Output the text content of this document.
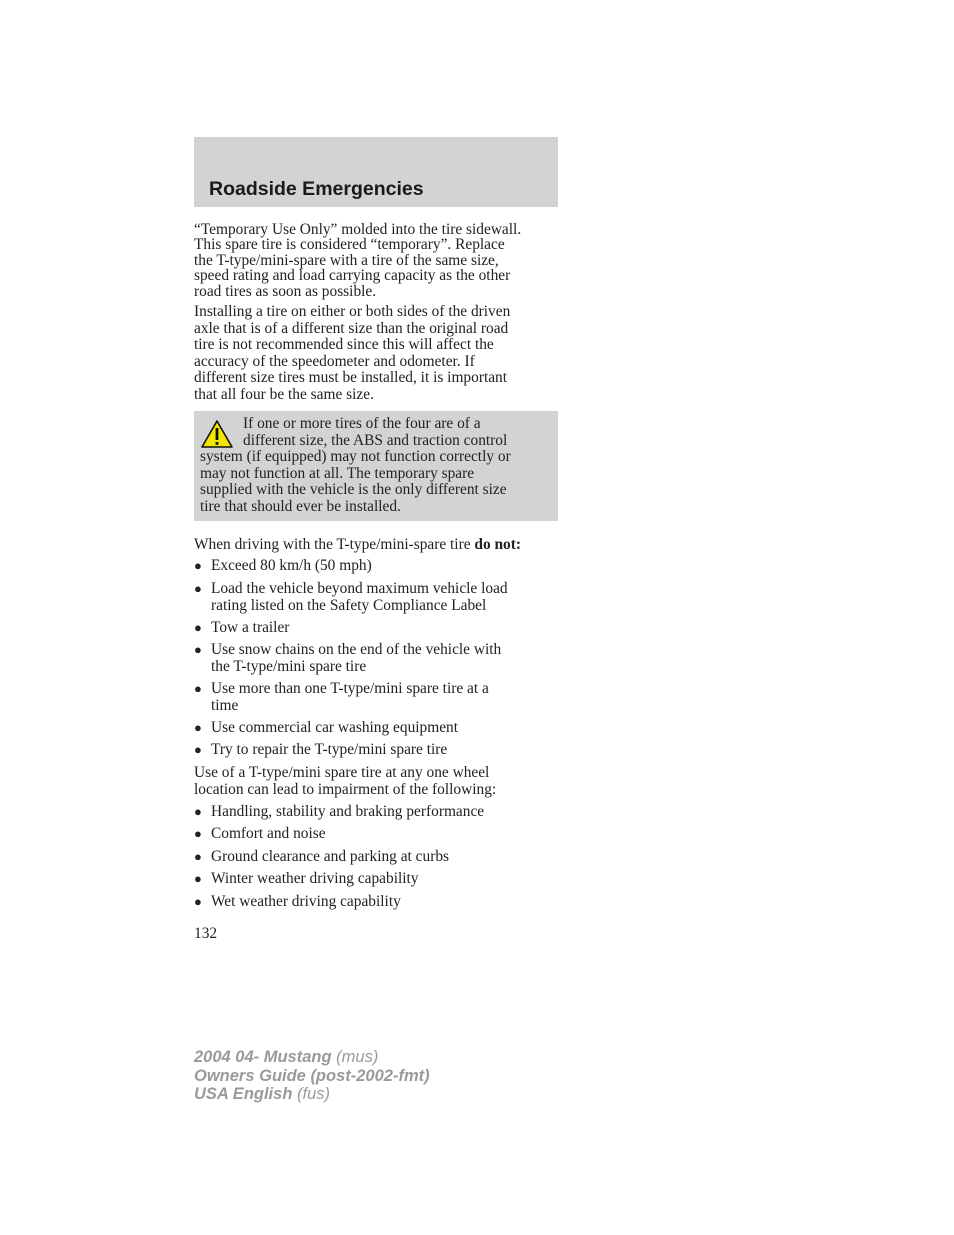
Roadside Emergencies
“Temporary Use Only” molded into the tire sidewall.
This spare tire is considered “temporary”. Replace
the T-type/mini-spare with a tire of the same size,
speed rating and load carrying capacity as the other
road tires as soon as possible.
Installing a tire on either or both sides of the driven
axle that is of a different size than the original road
tire is not recommended since this will affect the
accuracy of the speedometer and odometer. If
different size tires must be installed, it is important
that all four be the same size.
If one or more tires of the four are of a
different size, the ABS and traction control
system (if equipped) may not function correctly or
may not function at all. The temporary spare
supplied with the vehicle is the only different size
tire that should ever be installed.
When driving with the T-type/mini-spare tire do not:
● Exceed 80 km/h (50 mph)
● Load the vehicle beyond maximum vehicle load
rating listed on the Safety Compliance Label
● Tow a trailer
● Use snow chains on the end of the vehicle with
the T-type/mini spare tire
● Use more than one T-type/mini spare tire at a
time
● Use commercial car washing equipment
● Try to repair the T-type/mini spare tire
Use of a T-type/mini spare tire at any one wheel
location can lead to impairment of the following:
● Handling, stability and braking performance
● Comfort and noise
● Ground clearance and parking at curbs
● Winter weather driving capability
● Wet weather driving capability
132
2004 04- Mustang (mus)
Owners Guide (post-2002-fmt)
USA English (fus)
